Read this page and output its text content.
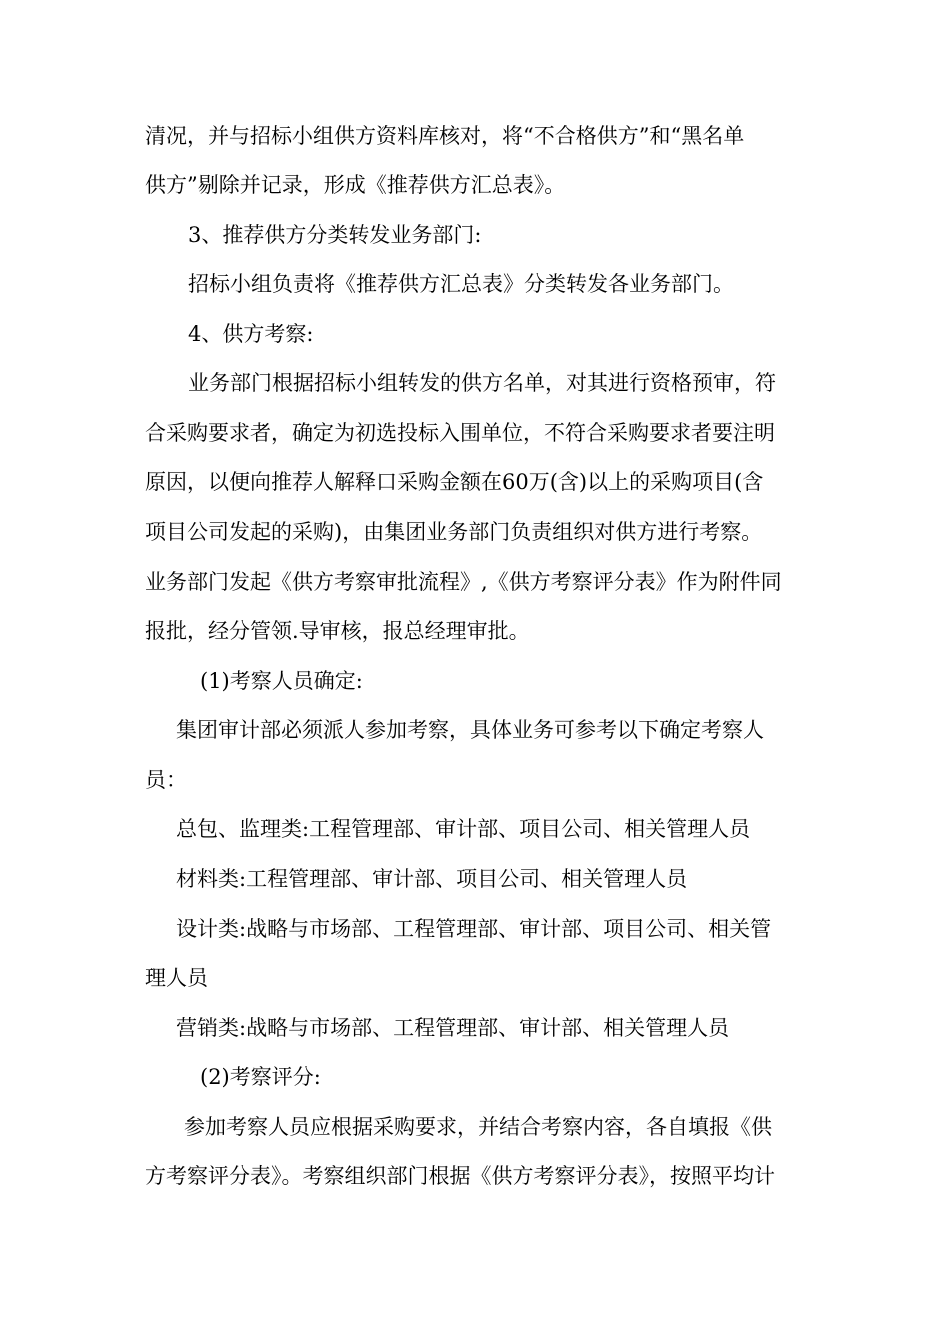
清况，并与招标小组供方资料库核对，将“不合格供方”和“黑名单
供方”剔除并记录，形成《推荐供方汇总表》。
3、推荐供方分类转发业务部门:
招标小组负责将《推荐供方汇总表》分类转发各业务部门。
4、供方考察:
业务部门根据招标小组转发的供方名单，对其进行资格预审，符
合采购要求者，确定为初选投标入围单位，不符合采购要求者要注明
原因，以便向推荐人解释口采购金额在60万(含)以上的采购项目(含
项目公司发起的采购)，由集团业务部门负责组织对供方进行考察。
业务部门发起《供方考察审批流程》,《供方考察评分表》作为附件同
报批，经分管领.导审核，报总经理审批。
(1)考察人员确定:
集团审计部必须派人参加考察，具体业务可参考以下确定考察人
员：
总包、监理类:工程管理部、审计部、项目公司、相关管理人员
材料类:工程管理部、审计部、项目公司、相关管理人员
设计类:战略与市场部、工程管理部、审计部、项目公司、相关管
理人员
营销类:战略与市场部、工程管理部、审计部、相关管理人员
(2)考察评分:
参加考察人员应根据采购要求，并结合考察内容，各自填报《供
方考察评分表》。考察组织部门根据《供方考察评分表》，按照平均计
